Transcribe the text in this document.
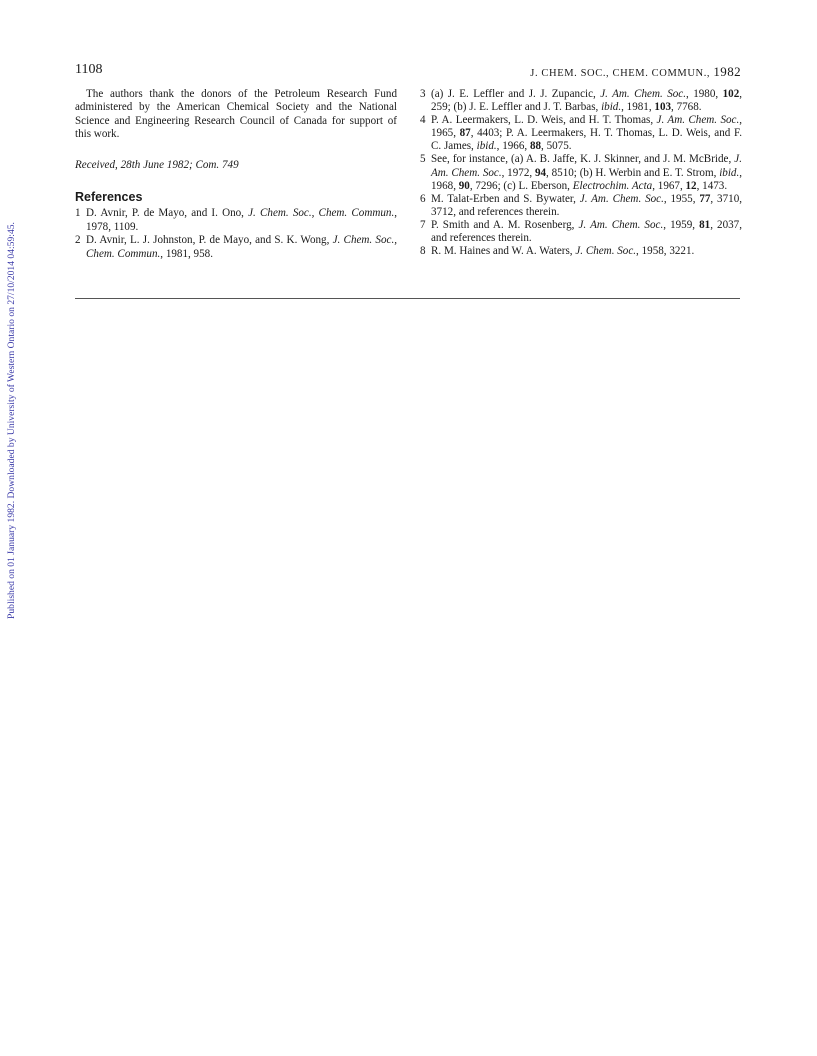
Published on 01 January 1982. Downloaded by University of Western Ontario on 27/10/2014 04:59:45.
1108	J. CHEM. SOC., CHEM. COMMUN., 1982

The authors thank the donors of the Petroleum Research Fund administered by the American Chemical Society and the National Science and Engineering Research Council of Canada for support of this work.

Received, 28th June 1982; Com. 749

References

1 D. Avnir, P. de Mayo, and I. Ono, J. Chem. Soc., Chem. Commun., 1978, 1109.

2 D. Avnir, L. J. Johnston, P. de Mayo, and S. K. Wong, J. Chem. Soc., Chem. Commun., 1981, 958.

3 (a) J. E. Leffler and J. J. Zupancic, J. Am. Chem. Soc., 1980, 102, 259; (b) J. E. Leffler and J. T. Barbas, ibid., 1981, 103, 7768.

4 P. A. Leermakers, L. D. Weis, and H. T. Thomas, J. Am. Chem. Soc., 1965, 87, 4403; P. A. Leermakers, H. T. Thomas, L. D. Weis, and F. C. James, ibid., 1966, 88, 5075.

5 See, for instance, (a) A. B. Jaffe, K. J. Skinner, and J. M. McBride, J. Am. Chem. Soc., 1972, 94, 8510; (b) H. Werbin and E. T. Strom, ibid., 1968, 90, 7296; (c) L. Eberson, Electrochim. Acta, 1967, 12, 1473.

6 M. Talat-Erben and S. Bywater, J. Am. Chem. Soc., 1955, 77, 3710, 3712, and references therein.

7 P. Smith and A. M. Rosenberg, J. Am. Chem. Soc., 1959, 81, 2037, and references therein.

8 R. M. Haines and W. A. Waters, J. Chem. Soc., 1958, 3221.
